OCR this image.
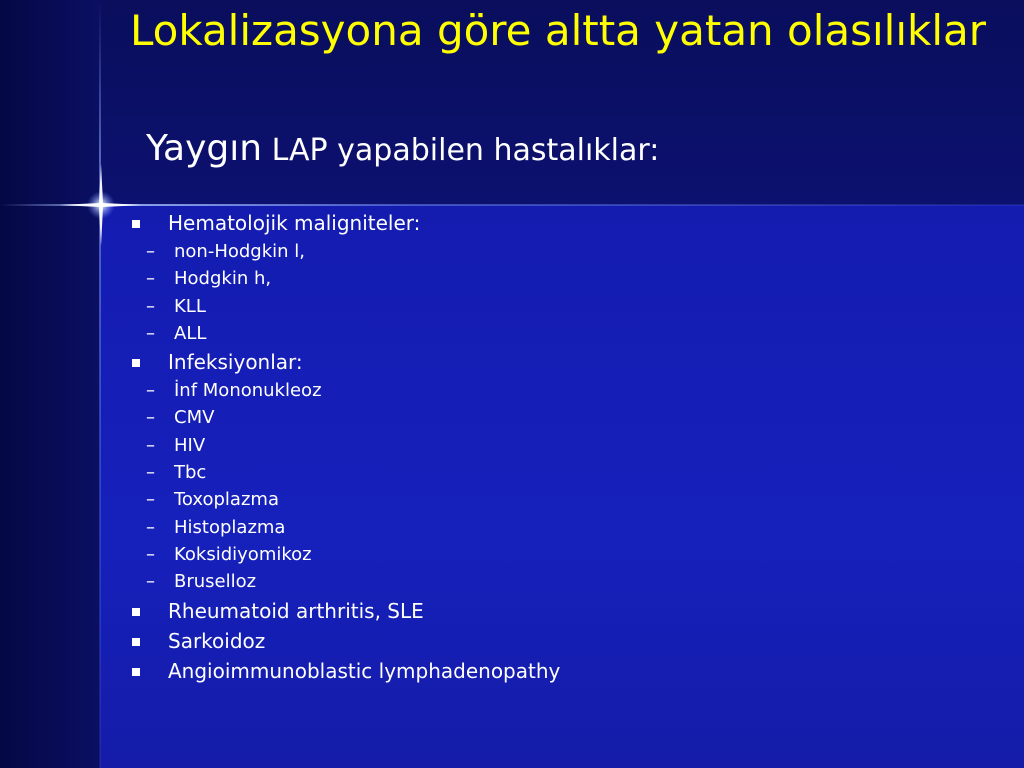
Lokalizasyona göre altta yatan olasılıklar
Yaygın LAP yapabilen hastalıklar:
Hematolojik maligniteler:
– non-Hodgkin l,
– Hodgkin h,
– KLL
– ALL
Infeksiyonlar:
– İnf Mononukleoz
– CMV
– HIV
– Tbc
– Toxoplazma
– Histoplazma
– Koksidiyomikoz
– Bruselloz
Rheumatoid arthritis, SLE
Sarkoidoz
Angioimmunoblastic lymphadenopathy
